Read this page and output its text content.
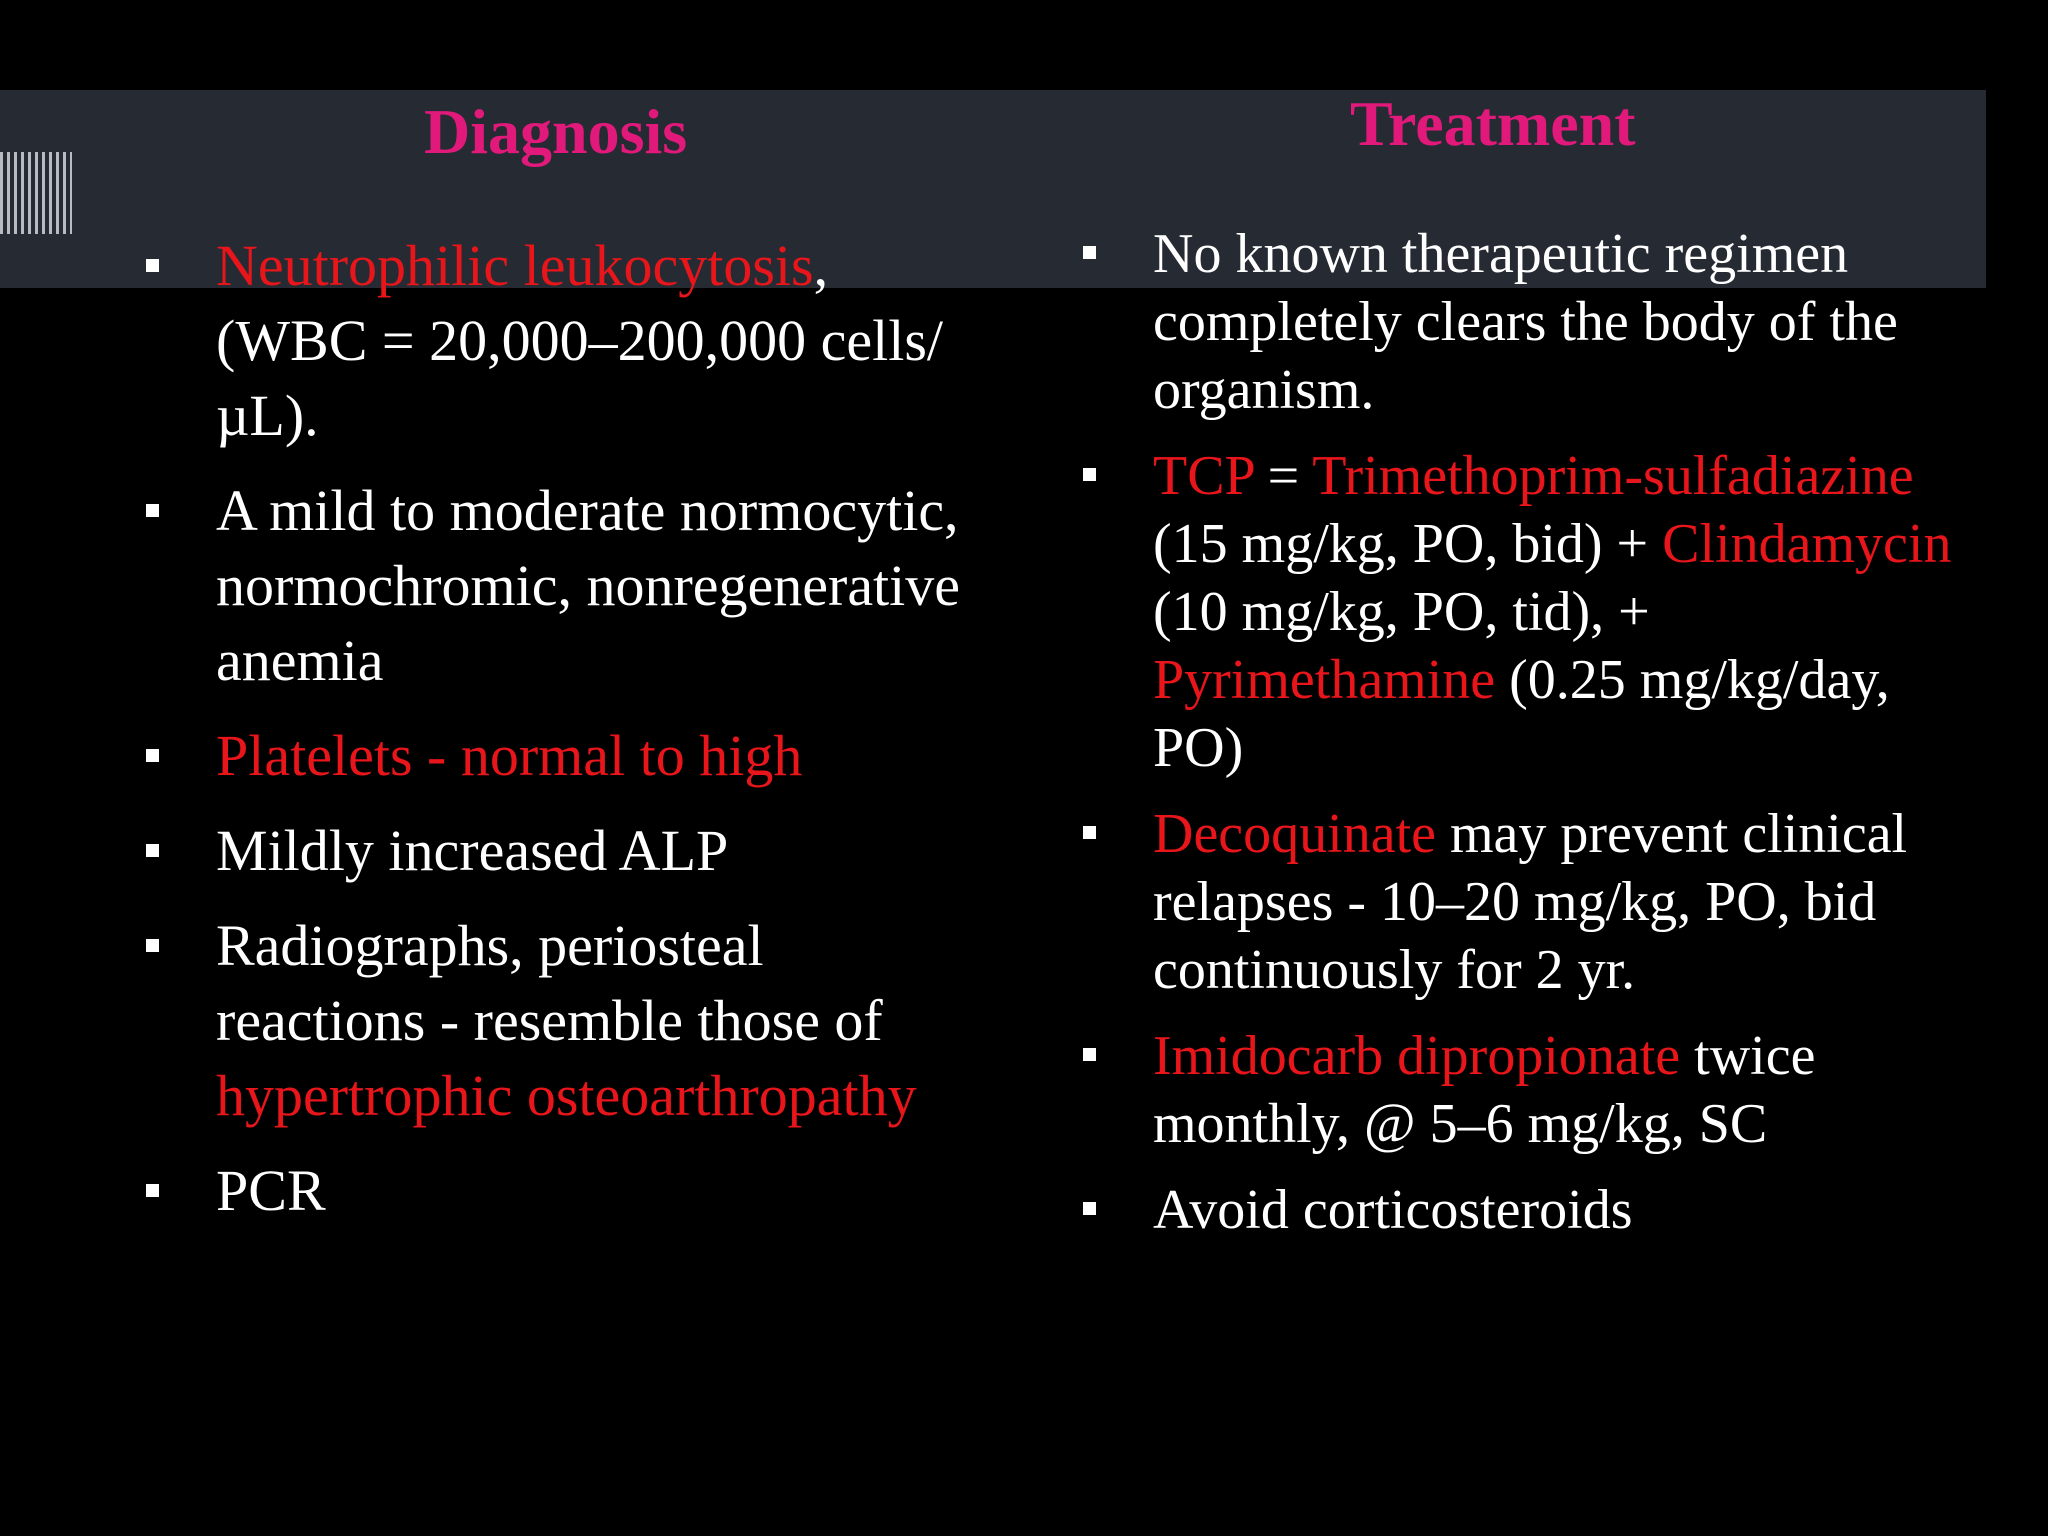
Diagnosis	Treatment
Neutrophilic leukocytosis, (WBC = 20,000–200,000 cells/µL).
A mild to moderate normocytic, normochromic, nonregenerative anemia
Platelets - normal to high
Mildly increased ALP
Radiographs, periosteal reactions - resemble those of hypertrophic osteoarthropathy
PCR
No known therapeutic regimen completely clears the body of the organism.
TCP = Trimethoprim-sulfadiazine (15 mg/kg, PO, bid) + Clindamycin (10 mg/kg, PO, tid), + Pyrimethamine (0.25 mg/kg/day, PO)
Decoquinate may prevent clinical relapses - 10–20 mg/kg, PO, bid continuously for 2 yr.
Imidocarb dipropionate twice monthly, @ 5–6 mg/kg, SC
Avoid corticosteroids
